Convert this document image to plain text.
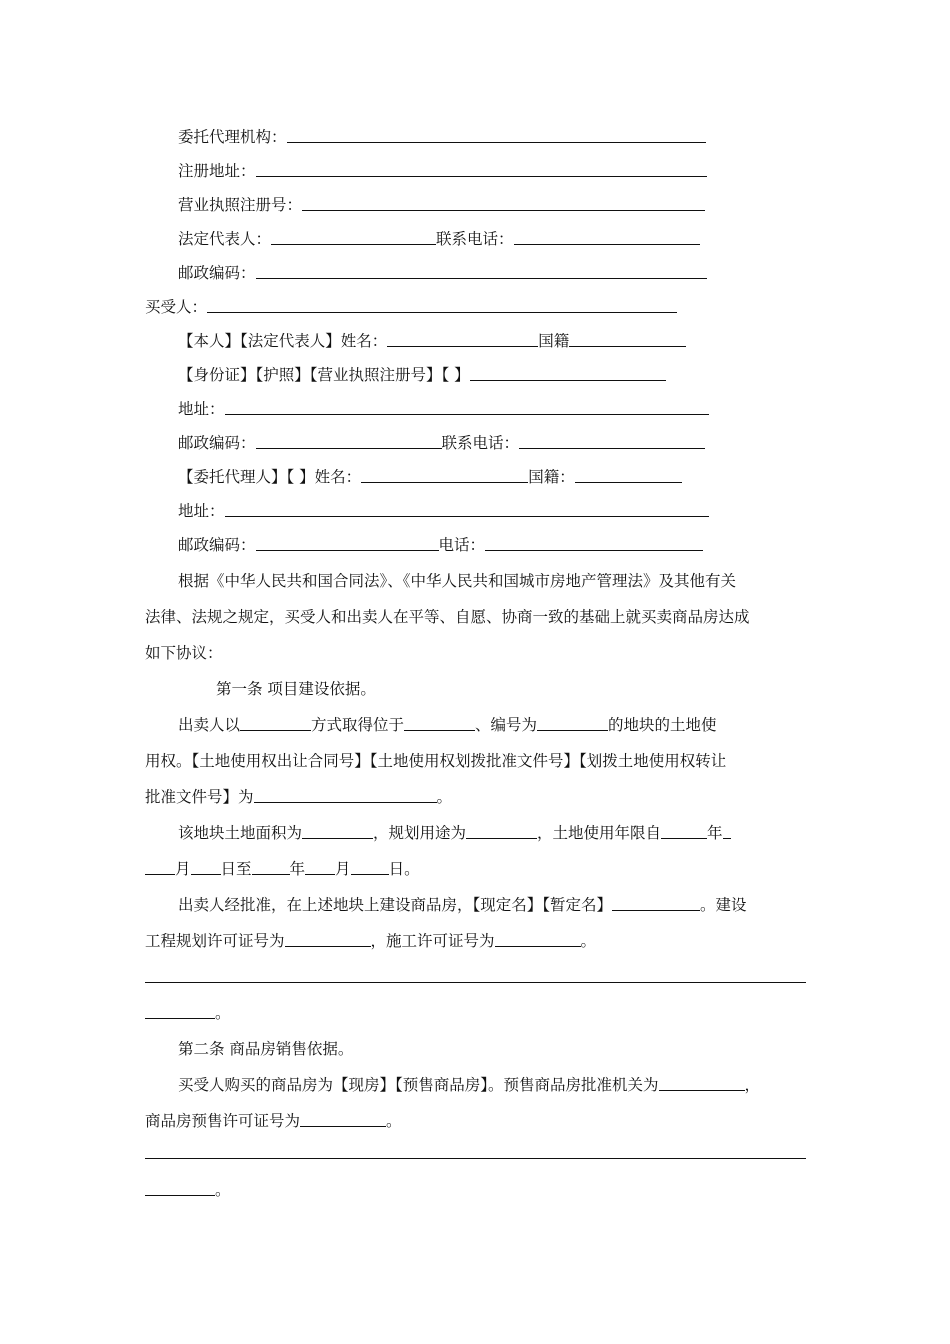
委托代理机构：
注册地址：
营业执照注册号：
法定代表人：	联系电话：
邮政编码：
买受人：
【本人】【法定代表人】姓名：	国籍
【身份证】【护照】【营业执照注册号】【 】
地址：
邮政编码：	联系电话：
【委托代理人】【 】姓名：	国籍：
地址：
邮政编码：	电话：
根据《中华人民共和国合同法》、《中华人民共和国城市房地产管理法》及其他有关
法律、法规之规定，买受人和出卖人在平等、自愿、协商一致的基础上就买卖商品房达成
如下协议：
第一条 项目建设依据。
出卖人以	方式取得位于	、编号为	的地块的土地使
用权。【土地使用权出让合同号】【土地使用权划拨批准文件号】【划拨土地使用权转让
批准文件号】为	。
该地块土地面积为	，规划用途为	，土地使用年限自	年
月 日至 年 月 日。
出卖人经批准，在上述地块上建设商品房，【现定名】【暂定名】	。建设
工程规划许可证号为	，施工许可证号为	。
。
第二条 商品房销售依据。
买受人购买的商品房为【现房】【预售商品房】。预售商品房批准机关为	，
商品房预售许可证号为	。
。
